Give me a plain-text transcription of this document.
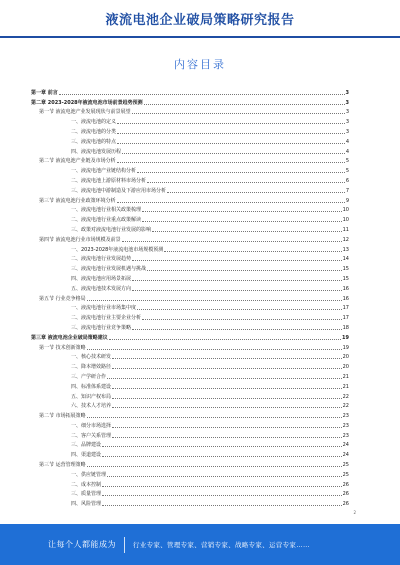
液流电池企业破局策略研究报告
内容目录
第一章 前言	3
第二章 2023-2028年液流电池市场前景趋势预测	3
第一节 液流电池产业发展现状与前景展望	3
一、液流电池的定义	3
二、液流电池的分类	3
三、液流电池的特点	4
四、液流电池发展历程	4
第二节 液流电池产业链及市场分析	5
一、液流电池产业链结构分析	5
二、液流电池上游原材料市场分析	6
三、液流电池中游制造及下游应用市场分析	7
第三节 液流电池行业政策环境分析	9
一、液流电池行业相关政策梳理	10
二、液流电池行业重点政策解读	10
三、政策对液流电池行业发展的影响	11
第四节 液流电池行业市场规模及前景	12
一、2023-2028年液流电池市场规模预测	13
二、液流电池行业发展趋势	14
三、液流电池行业发展机遇与挑战	15
四、液流电池应用场景拓展	15
五、液流电池技术发展方向	16
第五节 行业竞争格局	16
一、液流电池行业市场集中度	17
二、液流电池行业主要企业分析	17
三、液流电池行业竞争策略	18
第三章 液流电池企业破局策略建议	19
第一节 技术创新策略	19
一、核心技术研发	20
二、降本增效路径	20
三、产学研合作	21
四、标准体系建设	21
五、知识产权布局	22
六、技术人才培养	22
第二节 市场拓展策略	23
一、细分市场选择	23
二、客户关系管理	23
三、品牌建设	24
四、渠道建设	24
第三节 运营管理策略	25
一、供应链管理	25
二、成本控制	26
三、质量管理	26
四、风险管理	26
2
让每个人都能成为	行业专家、管理专家、营销专家、战略专家、运营专家……
